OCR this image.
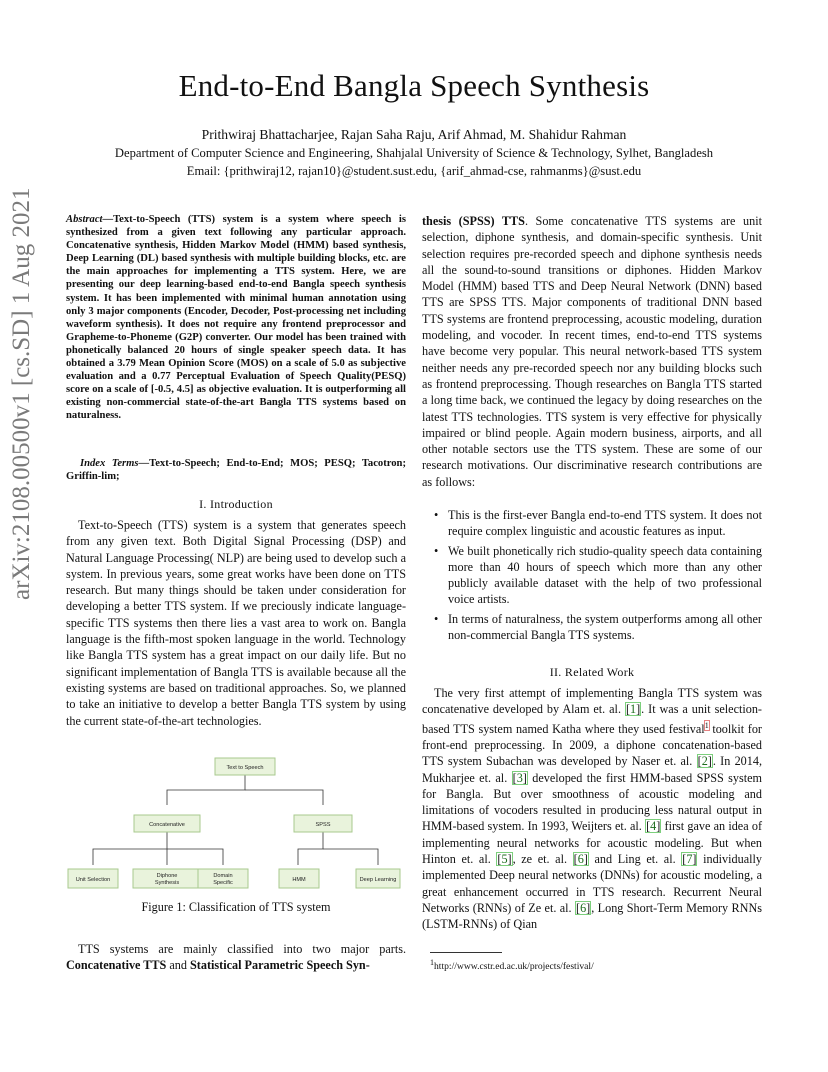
End-to-End Bangla Speech Synthesis
Prithwiraj Bhattacharjee, Rajan Saha Raju, Arif Ahmad, M. Shahidur Rahman
Department of Computer Science and Engineering, Shahjalal University of Science & Technology, Sylhet, Bangladesh
Email: {prithwiraj12, rajan10}@student.sust.edu, {arif_ahmad-cse, rahmanms}@sust.edu
arXiv:2108.00500v1 [cs.SD] 1 Aug 2021	Abstract—Text-to-Speech (TTS) system is a system where speech is synthesized from a given text following any particular approach. Concatenative synthesis, Hidden Markov Model (HMM) based synthesis, Deep Learning (DL) based synthesis with multiple building blocks, etc. are the main approaches for implementing a TTS system. Here, we are presenting our deep learning-based end-to-end Bangla speech synthesis system. It has been implemented with minimal human annotation using only 3 major components (Encoder, Decoder, Post-processing net including waveform synthesis). It does not require any frontend preprocessor and Grapheme-to-Phoneme (G2P) converter. Our model has been trained with phonetically balanced 20 hours of single speaker speech data. It has obtained a 3.79 Mean Opinion Score (MOS) on a scale of 5.0 as subjective evaluation and a 0.77 Perceptual Evaluation of Speech Quality(PESQ) score on a scale of [-0.5, 4.5] as objective evaluation. It is outperforming all existing non-commercial state-of-the-art Bangla TTS systems based on naturalness.
Index Terms—Text-to-Speech; End-to-End; MOS; PESQ; Tacotron; Griffin-lim;
I. Introduction
Text-to-Speech (TTS) system is a system that generates speech from any given text. Both Digital Signal Processing (DSP) and Natural Language Processing( NLP) are being used to develop such a system. In previous years, some great works have been done on TTS research. But many things should be taken under consideration for developing a better TTS system. If we preciously indicate language-specific TTS systems then there lies a vast area to work on. Bangla language is the fifth-most spoken language in the world. Technology like Bangla TTS system has a great impact on our daily life. But no significant implementation of Bangla TTS is available because all the existing systems are based on traditional approaches. So, we planned to take an initiative to develop a better Bangla TTS system by using the current state-of-the-art technologies.
Text to Speech
Concatenative	SPSS
Unit Selection
Diphone
Synthesis
Domain
Specific	HMM	Deep Learning
Figure 1: Classification of TTS system
TTS systems are mainly classified into two major parts. Concatenative TTS and Statistical Parametric Speech Syn-
thesis (SPSS) TTS. Some concatenative TTS systems are unit selection, diphone synthesis, and domain-specific synthesis. Unit selection requires pre-recorded speech and diphone synthesis needs all the sound-to-sound transitions or diphones. Hidden Markov Model (HMM) based TTS and Deep Neural Network (DNN) based TTS are SPSS TTS. Major components of traditional DNN based TTS systems are frontend preprocessing, acoustic modeling, duration modeling, and vocoder. In recent times, end-to-end TTS systems have become very popular. This neural network-based TTS system neither needs any pre-recorded speech nor any building blocks such as frontend preprocessing. Though researches on Bangla TTS started a long time back, we continued the legacy by doing researches on the latest TTS technologies. TTS system is very effective for physically impaired or blind people. Again modern business, airports, and all other notable sectors use the TTS system. These are some of our research motivations. Our discriminative research contributions are as follows:
• This is the first-ever Bangla end-to-end TTS system. It does not require complex linguistic and acoustic features as input.
• We built phonetically rich studio-quality speech data containing more than 40 hours of speech which more than any other publicly available dataset with the help of two professional voice artists.
• In terms of naturalness, the system outperforms among all other non-commercial Bangla TTS systems.
II. Related Work
The very first attempt of implementing Bangla TTS system was concatenative developed by Alam et. al. [ 1 ] . It was a unit selection-based TTS system named Katha where they used festival$^1$ toolkit for front-end preprocessing. In 2009, a diphone concatenation-based TTS system Subachan was developed by Naser et. al. [ 2 ] . In 2014, Mukharjee et. al. [ 3 ] developed the first HMM-based SPSS system for Bangla. But over smoothness of acoustic modeling and limitations of vocoders resulted in producing less natural output in HMM-based system. In 1993, Weijters et. al. [ 4 ] first gave an idea of implementing neural networks for acoustic modeling. But when Hinton et. al. [ 5 ] , ze et. al. [ 6 ] and Ling et. al. [ 7 ] individually implemented Deep neural networks (DNNs) for acoustic modeling, a great enhancement occurred in TTS research. Recurrent Neural Networks (RNNs) of Ze et. al. [ 6 ] , Long Short-Term Memory RNNs (LSTM-RNNs) of Qian
$^1$http://www.cstr.ed.ac.uk/projects/festival/
